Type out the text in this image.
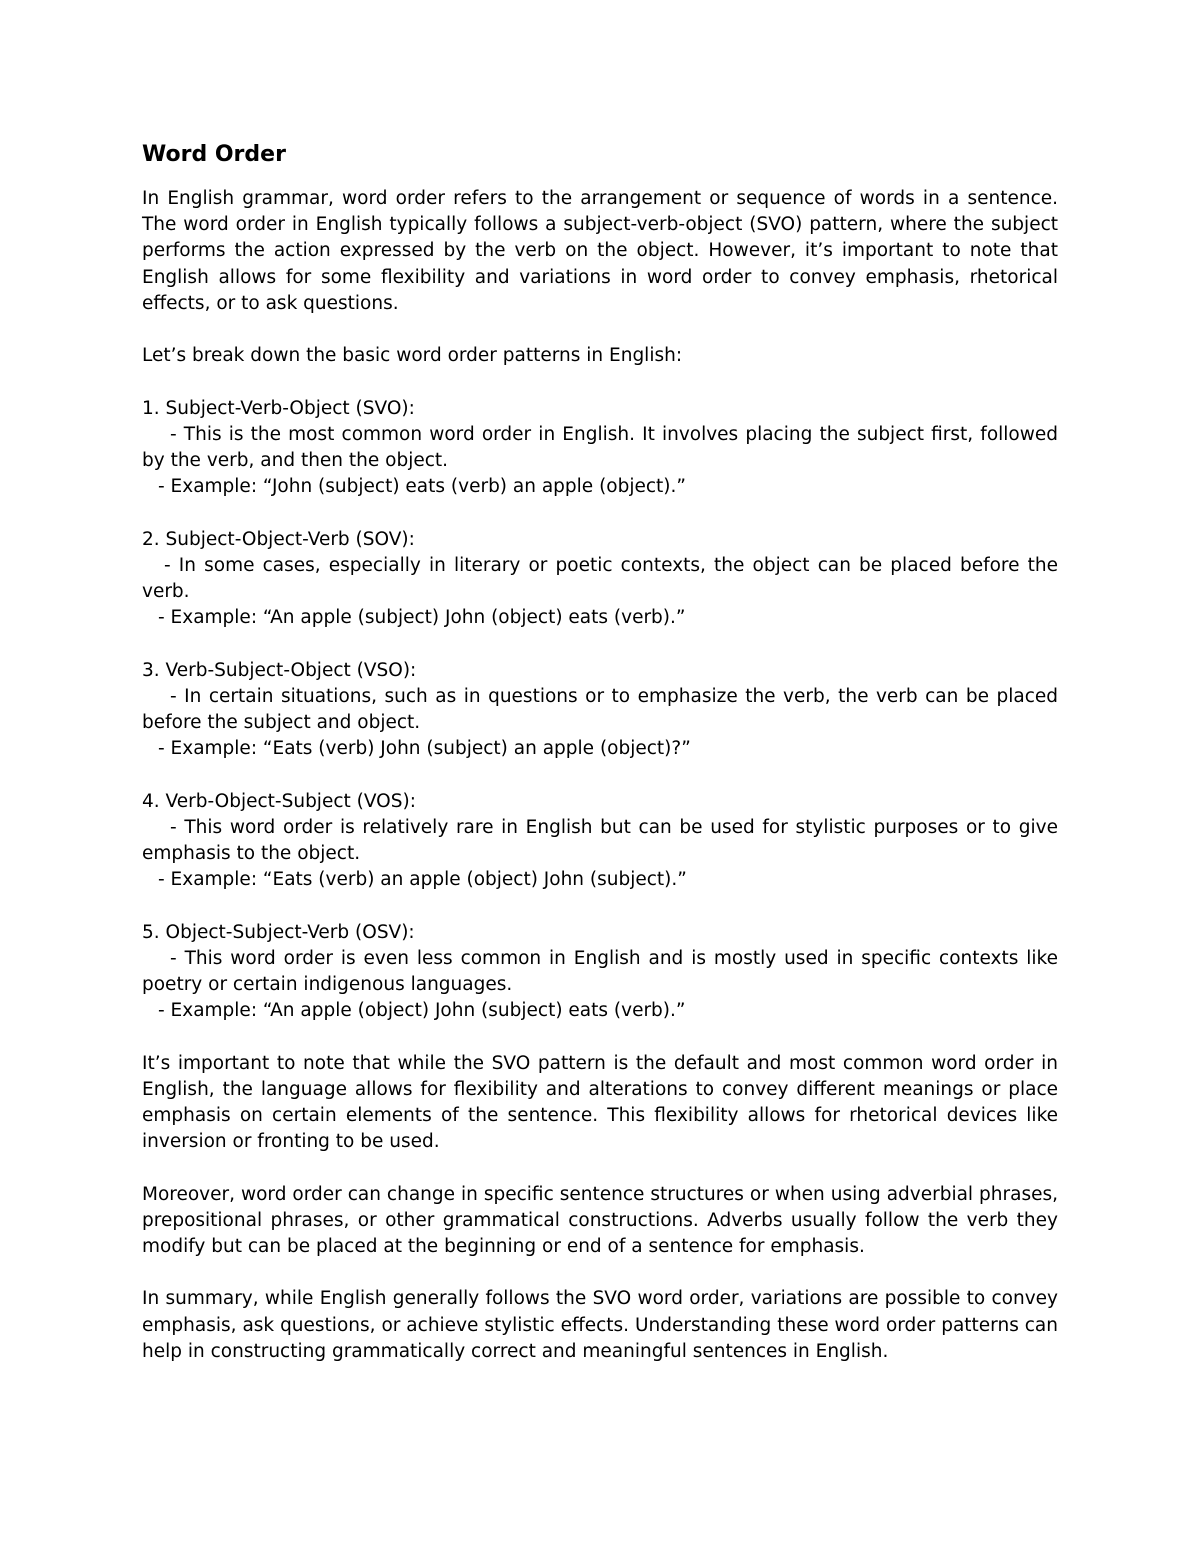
Word Order
In English grammar, word order refers to the arrangement or sequence of words in a sentence. The word order in English typically follows a subject-verb-object (SVO) pattern, where the subject performs the action expressed by the verb on the object. However, it’s important to note that English allows for some flexibility and variations in word order to convey emphasis, rhetorical effects, or to ask questions.
Let’s break down the basic word order patterns in English:
1. Subject-Verb-Object (SVO):
- This is the most common word order in English. It involves placing the subject first, followed by the verb, and then the object.
- Example: “John (subject) eats (verb) an apple (object).”
2. Subject-Object-Verb (SOV):
- In some cases, especially in literary or poetic contexts, the object can be placed before the verb.
- Example: “An apple (subject) John (object) eats (verb).”
3. Verb-Subject-Object (VSO):
- In certain situations, such as in questions or to emphasize the verb, the verb can be placed before the subject and object.
- Example: “Eats (verb) John (subject) an apple (object)?”
4. Verb-Object-Subject (VOS):
- This word order is relatively rare in English but can be used for stylistic purposes or to give emphasis to the object.
- Example: “Eats (verb) an apple (object) John (subject).”
5. Object-Subject-Verb (OSV):
- This word order is even less common in English and is mostly used in specific contexts like poetry or certain indigenous languages.
- Example: “An apple (object) John (subject) eats (verb).”
It’s important to note that while the SVO pattern is the default and most common word order in English, the language allows for flexibility and alterations to convey different meanings or place emphasis on certain elements of the sentence. This flexibility allows for rhetorical devices like inversion or fronting to be used.
Moreover, word order can change in specific sentence structures or when using adverbial phrases, prepositional phrases, or other grammatical constructions. Adverbs usually follow the verb they modify but can be placed at the beginning or end of a sentence for emphasis.
In summary, while English generally follows the SVO word order, variations are possible to convey emphasis, ask questions, or achieve stylistic effects. Understanding these word order patterns can help in constructing grammatically correct and meaningful sentences in English.
